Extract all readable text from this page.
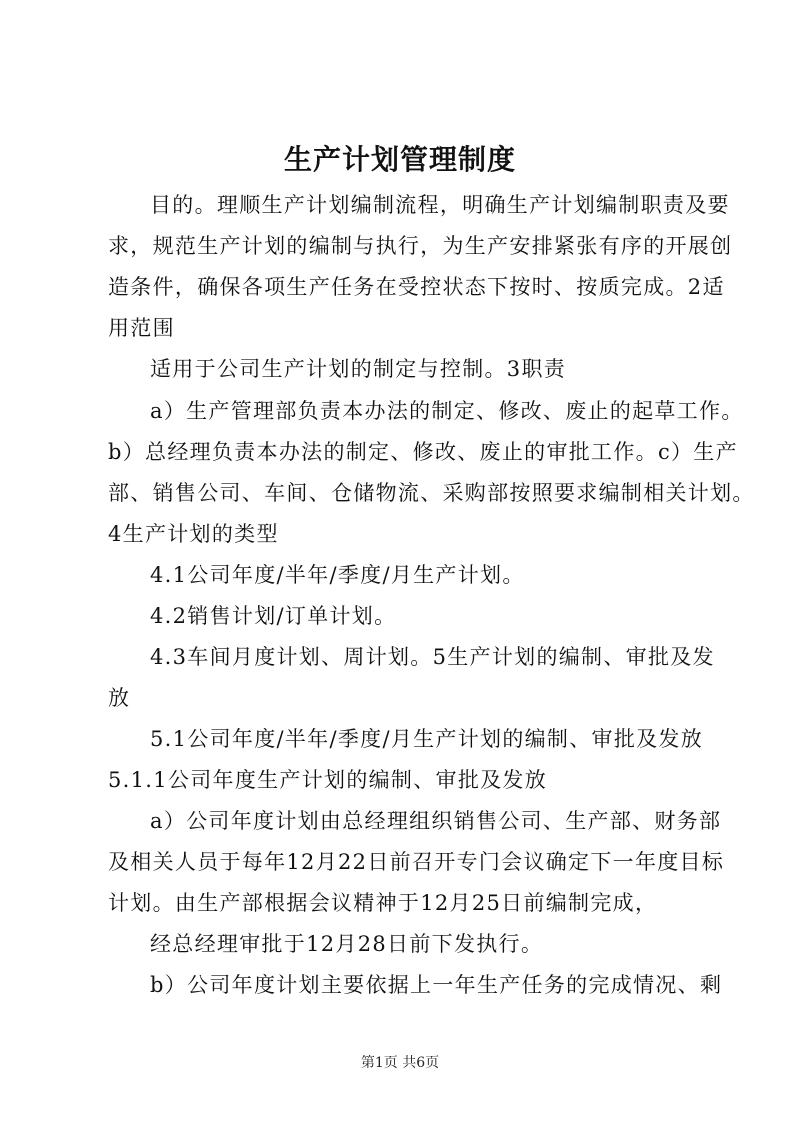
生产计划管理制度

目的。理顺生产计划编制流程，明确生产计划编制职责及要

求，规范生产计划的编制与执行，为生产安排紧张有序的开展创

造条件，确保各项生产任务在受控状态下按时、按质完成。2适

用范围

适用于公司生产计划的制定与控制。3职责

a）生产管理部负责本办法的制定、修改、废止的起草工作。

b）总经理负责本办法的制定、修改、废止的审批工作。c）生产

部、销售公司、车间、仓储物流、采购部按照要求编制相关计划。

4生产计划的类型

4.1公司年度/半年/季度/月生产计划。

4.2销售计划/订单计划。

4.3车间月度计划、周计划。5生产计划的编制、审批及发

放

5.1公司年度/半年/季度/月生产计划的编制、审批及发放

5.1.1公司年度生产计划的编制、审批及发放

a）公司年度计划由总经理组织销售公司、生产部、财务部

及相关人员于每年12月22日前召开专门会议确定下一年度目标

计划。由生产部根据会议精神于12月25日前编制完成，

经总经理审批于12月28日前下发执行。

b）公司年度计划主要依据上一年生产任务的完成情况、剩

第1页 共6页
